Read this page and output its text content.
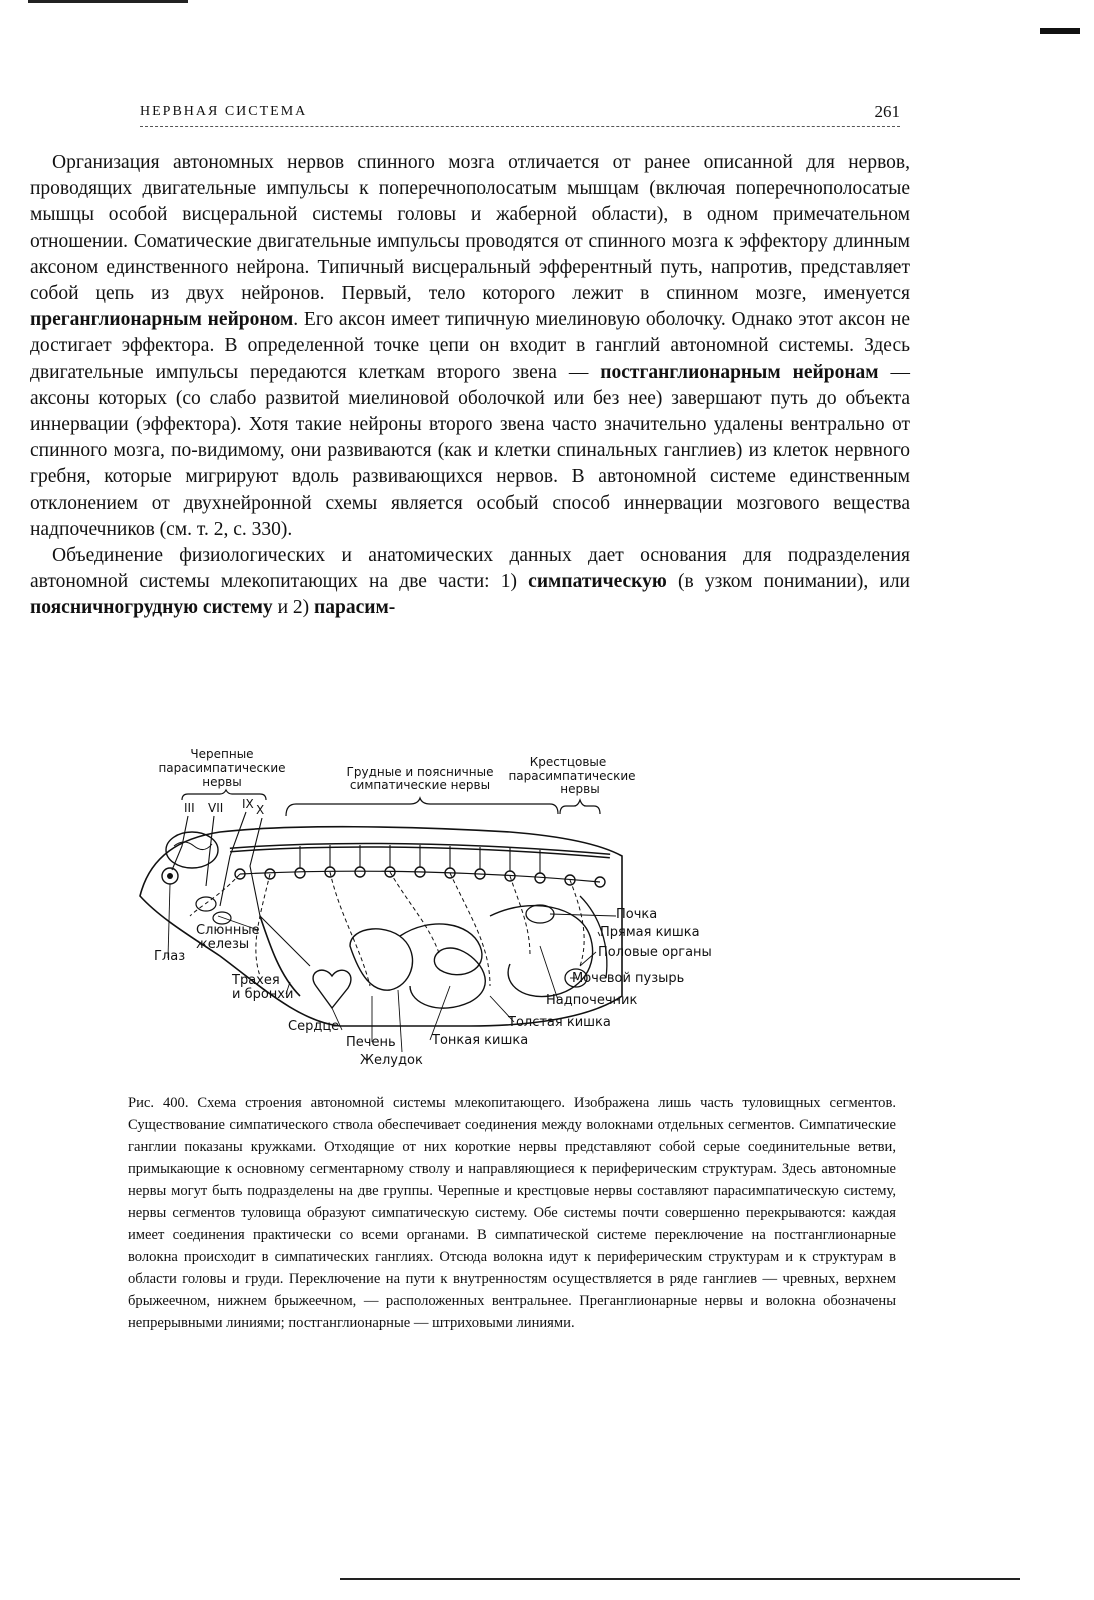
НЕРВНАЯ СИСТЕМА	261

Организация автономных нервов спинного мозга отличается от ранее описанной для нервов, проводящих двигательные импульсы к поперечнополосатым мышцам (включая поперечнополосатые мышцы особой висцеральной системы головы и жаберной области), в одном примечательном отношении. Соматические двигательные импульсы проводятся от спинного мозга к эффектору длинным аксоном единственного нейрона. Типичный висцеральный эфферентный путь, напротив, представляет собой цепь из двух нейронов. Первый, тело которого лежит в спинном мозге, именуется преганглионарным нейроном. Его аксон имеет типичную миелиновую оболочку. Однако этот аксон не достигает эффектора. В определенной точке цепи он входит в ганглий автономной системы. Здесь двигательные импульсы передаются клеткам второго звена — постганглионарным нейронам — аксоны которых (со слабо развитой миелиновой оболочкой или без нее) завершают путь до объекта иннервации (эффектора). Хотя такие нейроны второго звена часто значительно удалены вентрально от спинного мозга, по-видимому, они развиваются (как и клетки спинальных ганглиев) из клеток нервного гребня, которые мигрируют вдоль развивающихся нервов. В автономной системе единственным отклонением от двухнейронной схемы является особый способ иннервации мозгового вещества надпочечников (см. т. 2, с. 330).

Объединение физиологических и анатомических данных дает основания для подразделения автономной системы млекопитающих на две части: 1) симпатическую (в узком понимании), или поясничногрудную систему и 2) парасим-

Черепные
парасимпатические
нервы
Грудные и поясничные
симпатические нервы
Крестцовые
парасимпатические
нервы
III VII IX X
Глаз
Слюнные
железы
Трахея
и бронхи
Сердце
Печень
Желудок
Тонкая кишка
Толстая кишка
Надпочечник
Мочевой пузырь
Половые органы
Прямая кишка
Почка

Рис. 400. Схема строения автономной системы млекопитающего. Изображена лишь часть туловищных сегментов. Существование симпатического ствола обеспечивает соединения между волокнами отдельных сегментов. Симпатические ганглии показаны кружками. Отходящие от них короткие нервы представляют собой серые соединительные ветви, примыкающие к основному сегментарному стволу и направляющиеся к периферическим структурам. Здесь автономные нервы могут быть подразделены на две группы. Черепные и крестцовые нервы составляют парасимпатическую систему, нервы сегментов туловища образуют симпатическую систему. Обе системы почти совершенно перекрываются: каждая имеет соединения практически со всеми органами. В симпатической системе переключение на постганглионарные волокна происходит в симпатических ганглиях. Отсюда волокна идут к периферическим структурам и к структурам в области головы и груди. Переключение на пути к внутренностям осуществляется в ряде ганглиев — чревных, верхнем брыжеечном, нижнем брыжеечном, — расположенных вентральнее. Преганглионарные нервы и волокна обозначены непрерывными линиями; постганглионарные — штриховыми линиями.
